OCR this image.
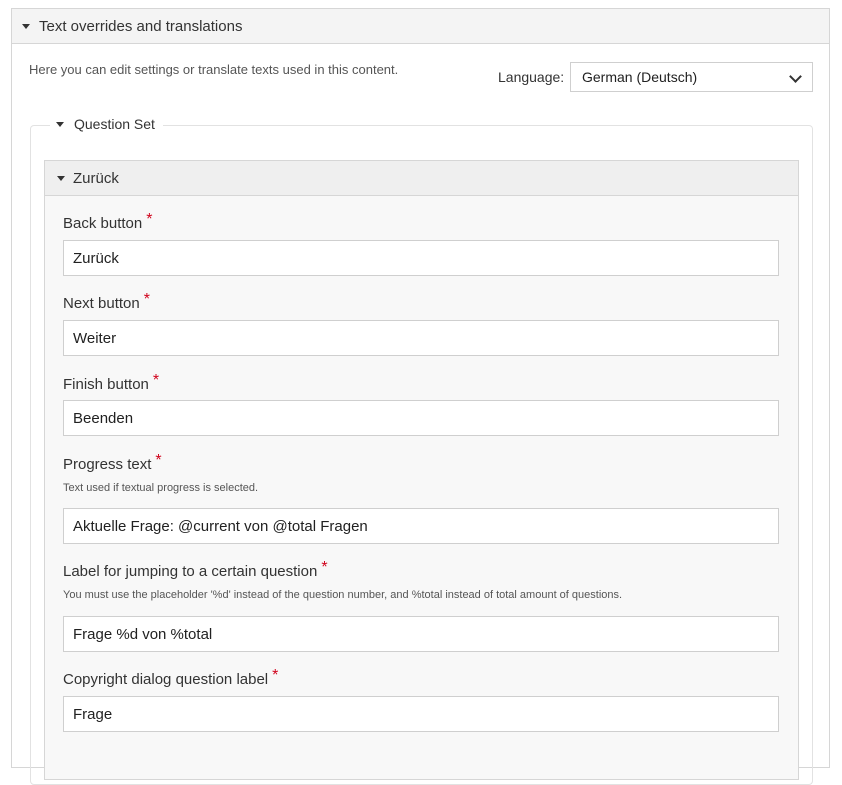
Text overrides and translations
Here you can edit settings or translate texts used in this content.	Language: German (Deutsch)
Question Set
Zurück
Back button *
Zurück
Next button *
Weiter
Finish button *
Beenden
Progress text *
Text used if textual progress is selected.
Aktuelle Frage: @current von @total Fragen
Label for jumping to a certain question *
You must use the placeholder '%d' instead of the question number, and %total instead of total amount of questions.
Frage %d von %total
Copyright dialog question label *
Frage
